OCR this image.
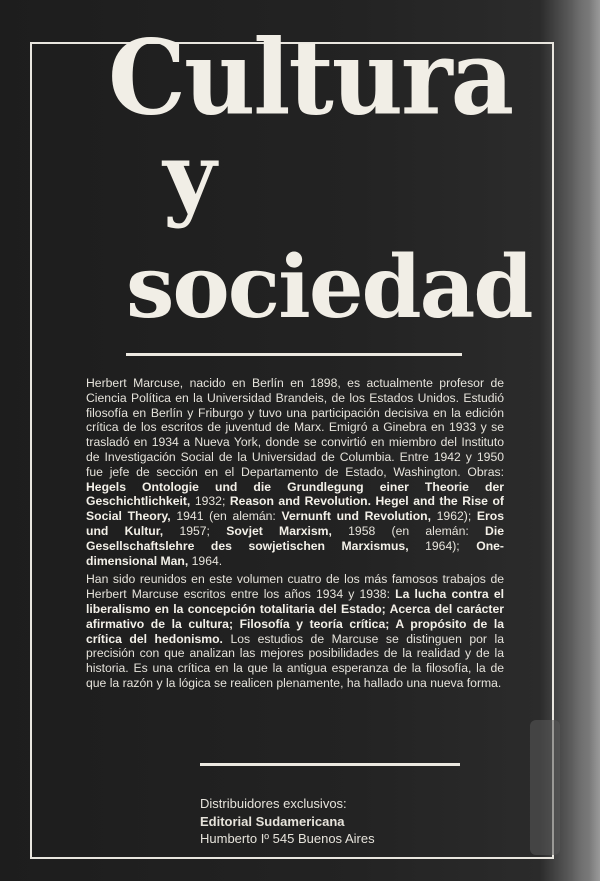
Cultura
y
sociedad

Herbert Marcuse, nacido en Berlín en 1898, es actualmente profesor de Ciencia Política en la Universidad Brandeis, de los Estados Unidos. Estudió filosofía en Berlín y Friburgo y tuvo una participación decisiva en la edición crítica de los escritos de juventud de Marx. Emigró a Ginebra en 1933 y se trasladó en 1934 a Nueva York, donde se convirtió en miembro del Instituto de Investigación Social de la Universidad de Columbia. Entre 1942 y 1950 fue jefe de sección en el Departamento de Estado, Washington. Obras: Hegels Ontologie und die Grundlegung einer Theorie der Geschichtlichkeit, 1932; Reason and Revolution. Hegel and the Rise of Social Theory, 1941 (en alemán: Vernunft und Revolution, 1962); Eros und Kultur, 1957; Sovjet Marxism, 1958 (en alemán: Die Gesellschaftslehre des sowjetischen Marxismus, 1964); One-dimensional Man, 1964.

Han sido reunidos en este volumen cuatro de los más famosos trabajos de Herbert Marcuse escritos entre los años 1934 y 1938: La lucha contra el liberalismo en la concepción totalitaria del Estado; Acerca del carácter afirmativo de la cultura; Filosofía y teoría crítica; A propósito de la crítica del hedonismo. Los estudios de Marcuse se distinguen por la precisión con que analizan las mejores posibilidades de la realidad y de la historia. Es una crítica en la que la antigua esperanza de la filosofía, la de que la razón y la lógica se realicen plenamente, ha hallado una nueva forma.

Distribuidores exclusivos:
Editorial Sudamericana
Humberto Iº 545 Buenos Aires
